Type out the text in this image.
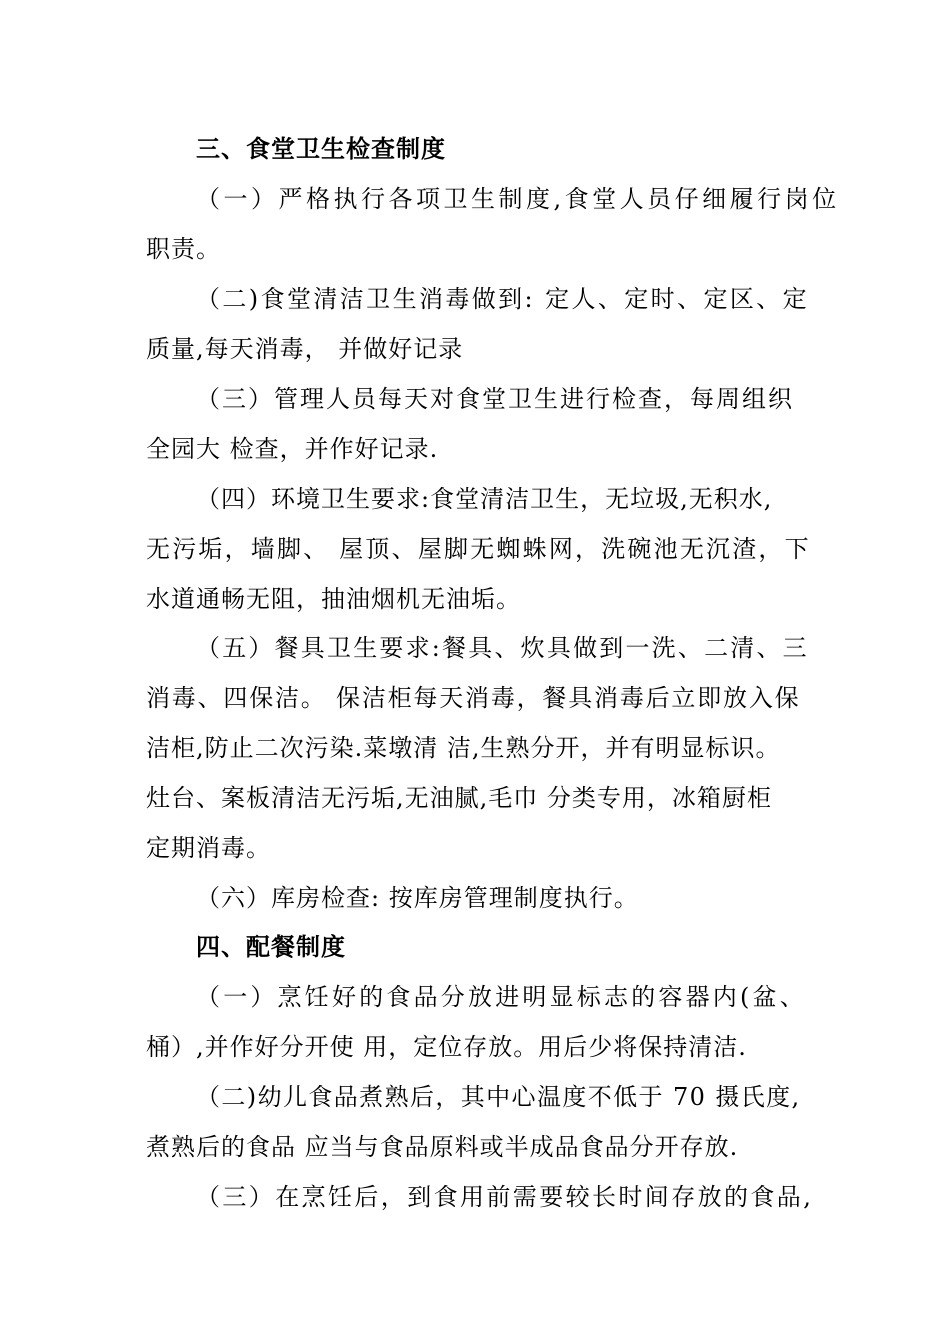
三、食堂卫生检查制度
（一）严格执行各项卫生制度,食堂人员仔细履行岗位
职责。
（二)食堂清洁卫生消毒做到: 定人、定时、定区、定
质量,每天消毒， 并做好记录
（三）管理人员每天对食堂卫生进行检查，每周组织
全园大 检查，并作好记录.
（四）环境卫生要求:食堂清洁卫生，无垃圾,无积水,
无污垢，墙脚、 屋顶、屋脚无蜘蛛网，洗碗池无沉渣，下
水道通畅无阻，抽油烟机无油垢。
（五）餐具卫生要求:餐具、炊具做到一洗、二清、三
消毒、四保洁。 保洁柜每天消毒，餐具消毒后立即放入保
洁柜,防止二次污染.菜墩清 洁,生熟分开，并有明显标识。
灶台、案板清洁无污垢,无油腻,毛巾 分类专用，冰箱厨柜
定期消毒。
（六）库房检查: 按库房管理制度执行。
四、配餐制度
（一）烹饪好的食品分放进明显标志的容器内(盆、
桶）,并作好分开使 用，定位存放。用后少将保持清洁.
（二)幼儿食品煮熟后，其中心温度不低于 70 摄氏度,
煮熟后的食品 应当与食品原料或半成品食品分开存放.
（三）在烹饪后，到食用前需要较长时间存放的食品,
